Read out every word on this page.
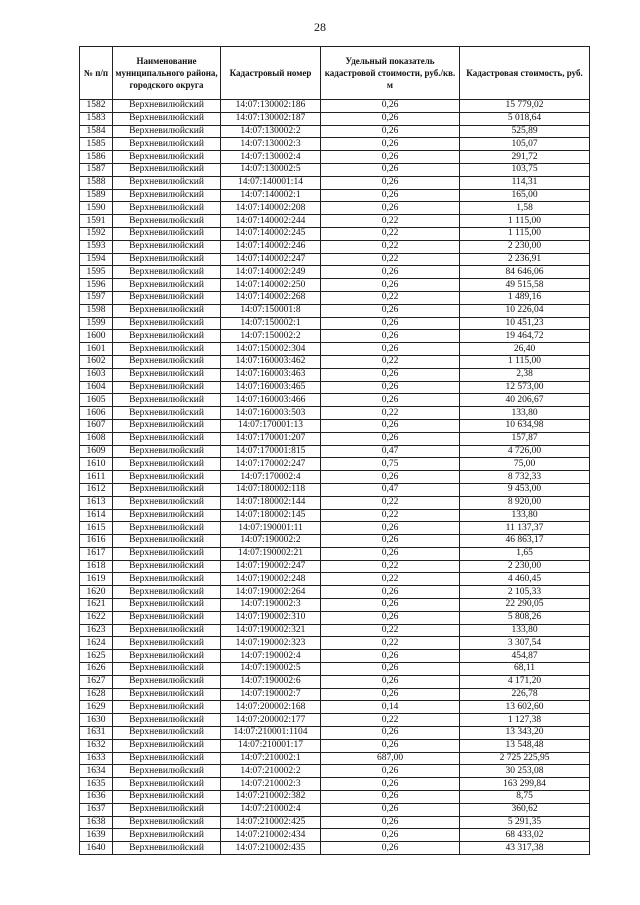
28
№ п/п	Наименование муниципального района, городского округа	Кадастровый номер	Удельный показатель кадастровой стоимости, руб./кв. м	Кадастровая стоимость, руб.
1582	Верхневилюйский	14:07:130002:186	0,26	15 779,02
1583	Верхневилюйский	14:07:130002:187	0,26	5 018,64
1584	Верхневилюйский	14:07:130002:2	0,26	525,89
1585	Верхневилюйский	14:07:130002:3	0,26	105,07
1586	Верхневилюйский	14:07:130002:4	0,26	291,72
1587	Верхневилюйский	14:07:130002:5	0,26	103,75
1588	Верхневилюйский	14:07:140001:14	0,26	114,31
1589	Верхневилюйский	14:07:140002:1	0,26	165,00
1590	Верхневилюйский	14:07:140002:208	0,26	1,58
1591	Верхневилюйский	14:07:140002:244	0,22	1 115,00
1592	Верхневилюйский	14:07:140002:245	0,22	1 115,00
1593	Верхневилюйский	14:07:140002:246	0,22	2 230,00
1594	Верхневилюйский	14:07:140002:247	0,22	2 236,91
1595	Верхневилюйский	14:07:140002:249	0,26	84 646,06
1596	Верхневилюйский	14:07:140002:250	0,26	49 515,58
1597	Верхневилюйский	14:07:140002:268	0,22	1 489,16
1598	Верхневилюйский	14:07:150001:8	0,26	10 226,04
1599	Верхневилюйский	14:07:150002:1	0,26	10 451,23
1600	Верхневилюйский	14:07:150002:2	0,26	19 464,72
1601	Верхневилюйский	14:07:150002:304	0,26	26,40
1602	Верхневилюйский	14:07:160003:462	0,22	1 115,00
1603	Верхневилюйский	14:07:160003:463	0,26	2,38
1604	Верхневилюйский	14:07:160003:465	0,26	12 573,00
1605	Верхневилюйский	14:07:160003:466	0,26	40 206,67
1606	Верхневилюйский	14:07:160003:503	0,22	133,80
1607	Верхневилюйский	14:07:170001:13	0,26	10 634,98
1608	Верхневилюйский	14:07:170001:207	0,26	157,87
1609	Верхневилюйский	14:07:170001:815	0,47	4 726,00
1610	Верхневилюйский	14:07:170002:247	0,75	75,00
1611	Верхневилюйский	14:07:170002:4	0,26	8 732,33
1612	Верхневилюйский	14:07:180002:118	0,47	9 453,00
1613	Верхневилюйский	14:07:180002:144	0,22	8 920,00
1614	Верхневилюйский	14:07:180002:145	0,22	133,80
1615	Верхневилюйский	14:07:190001:11	0,26	11 137,37
1616	Верхневилюйский	14:07:190002:2	0,26	46 863,17
1617	Верхневилюйский	14:07:190002:21	0,26	1,65
1618	Верхневилюйский	14:07:190002:247	0,22	2 230,00
1619	Верхневилюйский	14:07:190002:248	0,22	4 460,45
1620	Верхневилюйский	14:07:190002:264	0,26	2 105,33
1621	Верхневилюйский	14:07:190002:3	0,26	22 290,05
1622	Верхневилюйский	14:07:190002:310	0,26	5 808,26
1623	Верхневилюйский	14:07:190002:321	0,22	133,80
1624	Верхневилюйский	14:07:190002:323	0,22	3 307,54
1625	Верхневилюйский	14:07:190002:4	0,26	454,87
1626	Верхневилюйский	14:07:190002:5	0,26	68,11
1627	Верхневилюйский	14:07:190002:6	0,26	4 171,20
1628	Верхневилюйский	14:07:190002:7	0,26	226,78
1629	Верхневилюйский	14:07:200002:168	0,14	13 602,60
1630	Верхневилюйский	14:07:200002:177	0,22	1 127,38
1631	Верхневилюйский	14:07:210001:1104	0,26	13 343,20
1632	Верхневилюйский	14:07:210001:17	0,26	13 548,48
1633	Верхневилюйский	14:07:210002:1	687,00	2 725 225,95
1634	Верхневилюйский	14:07:210002:2	0,26	30 253,08
1635	Верхневилюйский	14:07:210002:3	0,26	163 299,84
1636	Верхневилюйский	14:07:210002:382	0,26	8,75
1637	Верхневилюйский	14:07:210002:4	0,26	360,62
1638	Верхневилюйский	14:07:210002:425	0,26	5 291,35
1639	Верхневилюйский	14:07:210002:434	0,26	68 433,02
1640	Верхневилюйский	14:07:210002:435	0,26	43 317,38
